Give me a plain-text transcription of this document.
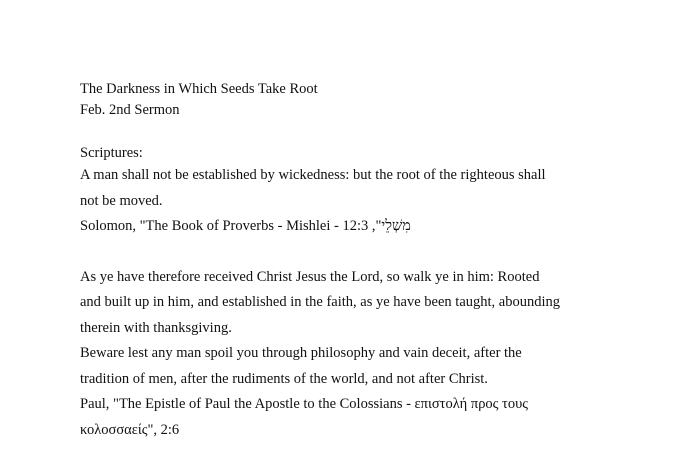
The Darkness in Which Seeds Take Root
Feb. 2nd Sermon
Scriptures:
A man shall not be established by wickedness: but the root of the righteous shall
not be moved.
Solomon, "The Book of Proverbs - Mishlei - 12:3 ,"מִשְׁלֵי
As ye have therefore received Christ Jesus the Lord, so walk ye in him: Rooted
and built up in him, and established in the faith, as ye have been taught, abounding
therein with thanksgiving.
Beware lest any man spoil you through philosophy and vain deceit, after the
tradition of men, after the rudiments of the world, and not after Christ.
Paul, "The Epistle of Paul the Apostle to the Colossians - επιστολή προς τους
κολοσσαείς", 2:6
